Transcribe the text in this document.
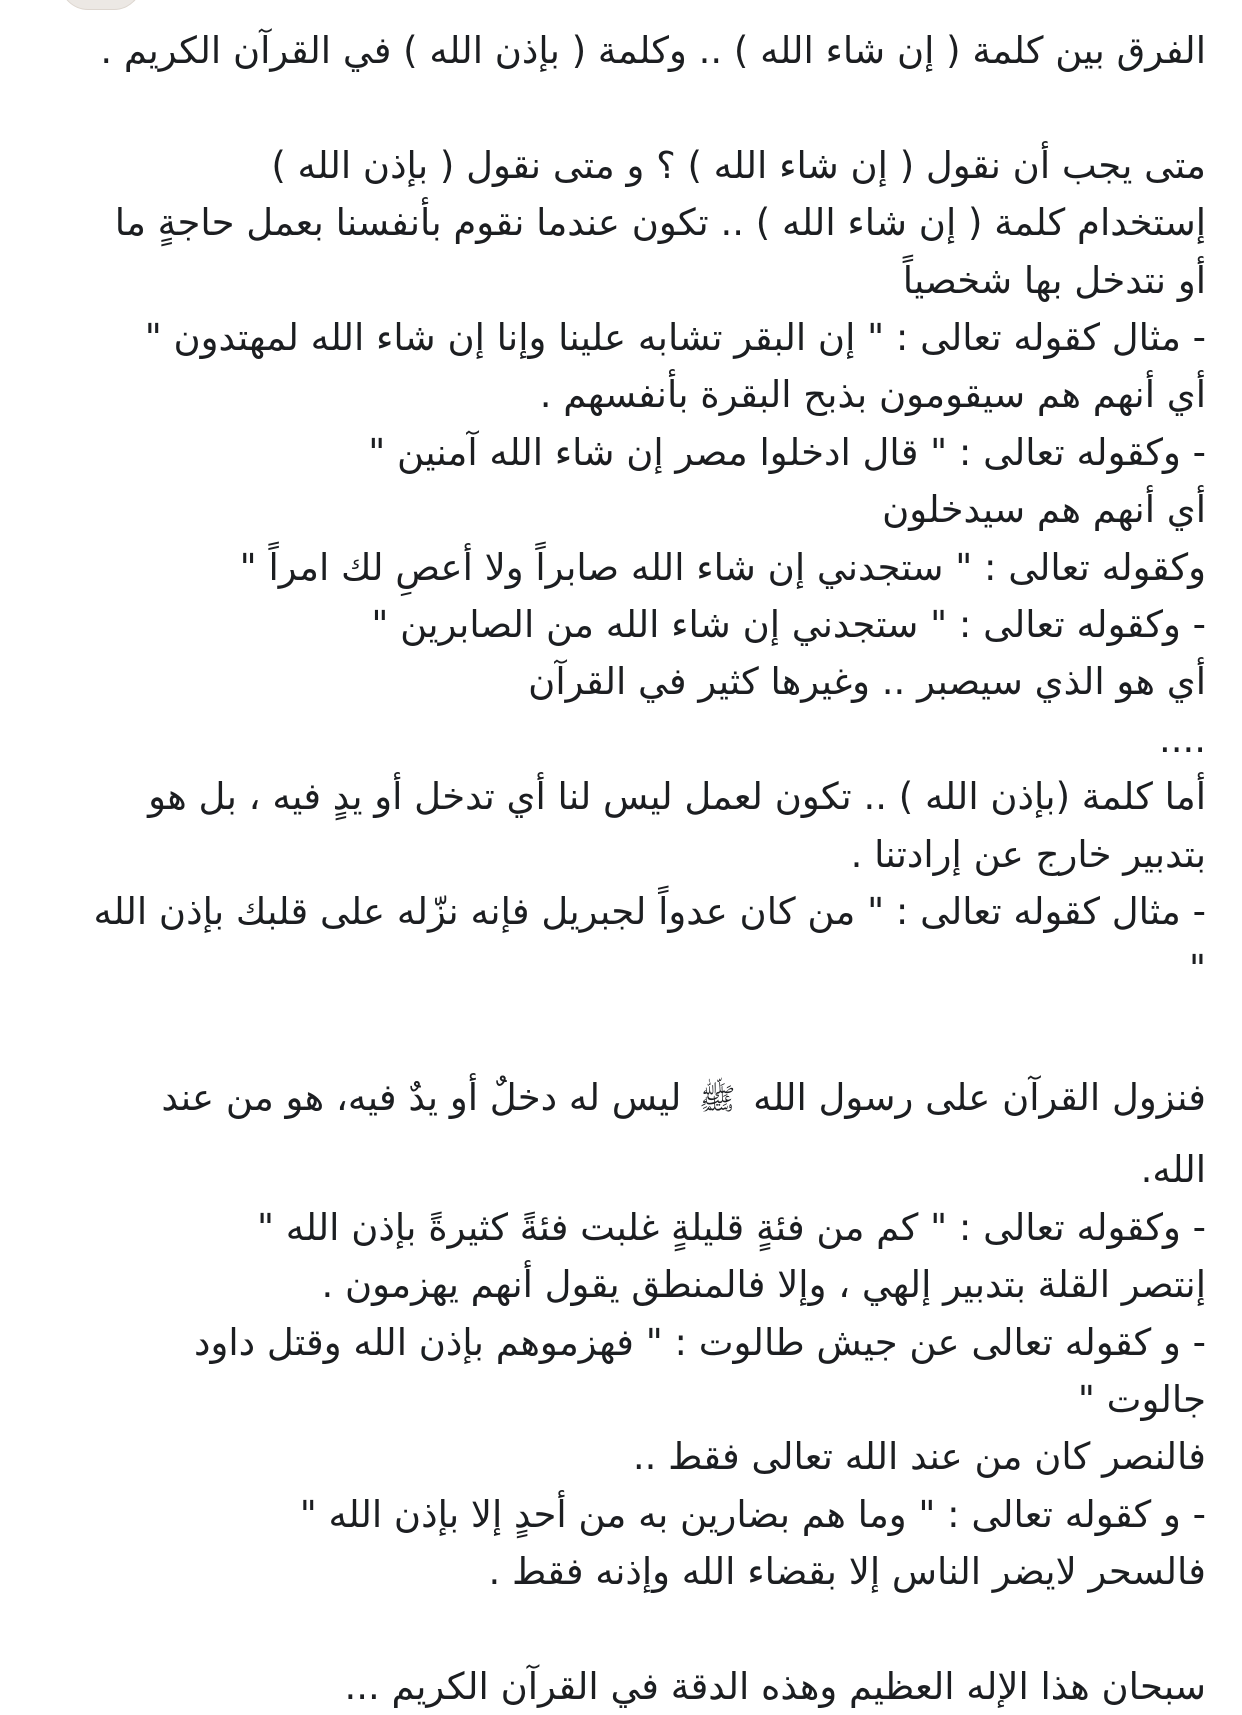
الفرق بين كلمة ( إن شاء الله ) .. وكلمة ( بإذن الله ) في القرآن الكريم .
متى يجب أن نقول ( إن شاء الله ) ؟ و متى نقول ( بإذن الله )
إستخدام كلمة ( إن شاء الله ) .. تكون عندما نقوم بأنفسنا بعمل حاجةٍ ما
أو نتدخل بها شخصياً
- مثال كقوله تعالى : " إن البقر تشابه علينا وإنا إن شاء الله لمهتدون "
أي أنهم هم سيقومون بذبح البقرة بأنفسهم .
- وكقوله تعالى : " قال ادخلوا مصر إن شاء الله آمنين "
أي أنهم هم سيدخلون
وكقوله تعالى : " ستجدني إن شاء الله صابراً ولا أعصِ لك امراً "
- وكقوله تعالى : " ستجدني إن شاء الله من الصابرين "
أي هو الذي سيصبر .. وغيرها كثير في القرآن
....
أما كلمة (بإذن الله ) .. تكون لعمل ليس لنا أي تدخل أو يدٍ فيه ، بل هو
بتدبير خارج عن إرادتنا .
- مثال كقوله تعالى : " من كان عدواً لجبريل فإنه نزّله على قلبك بإذن الله
"
فنزول القرآن على رسول الله ﷺ ليس له دخلٌ أو يدٌ فيه، هو من عند
الله.
- وكقوله تعالى : " كم من فئةٍ قليلةٍ غلبت فئةً كثيرةً بإذن الله "
إنتصر القلة بتدبير إلهي ، وإلا فالمنطق يقول أنهم يهزمون .
- و كقوله تعالى عن جيش طالوت : " فهزموهم بإذن الله وقتل داود
جالوت "
فالنصر كان من عند الله تعالى فقط ..
- و كقوله تعالى : " وما هم بضارين به من أحدٍ إلا بإذن الله "
فالسحر لايضر الناس إلا بقضاء الله وإذنه فقط .
سبحان هذا الإله العظيم وهذه الدقة في القرآن الكريم ...
